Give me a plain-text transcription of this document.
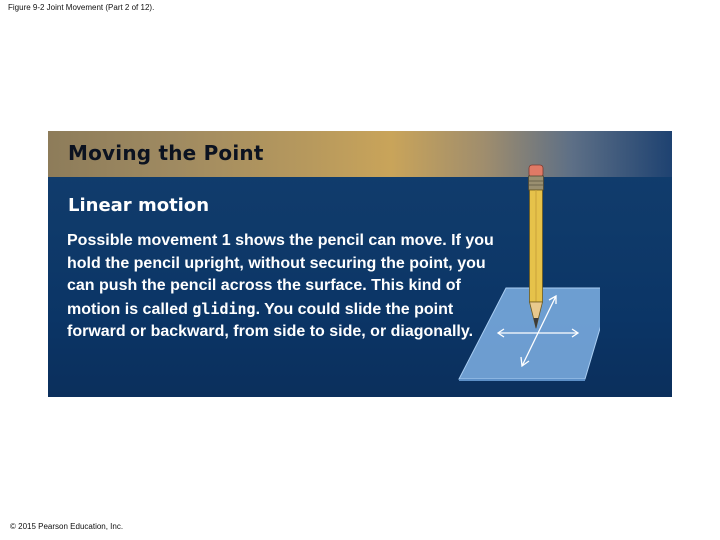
Figure 9-2 Joint Movement (Part 2 of 12).
Moving the Point
Linear motion
Possible movement 1 shows the pencil can move. If you hold the pencil upright, without securing the point, you can push the pencil across the surface. This kind of motion is called gliding. You could slide the point forward or backward, from side to side, or diagonally.
© 2015 Pearson Education, Inc.
